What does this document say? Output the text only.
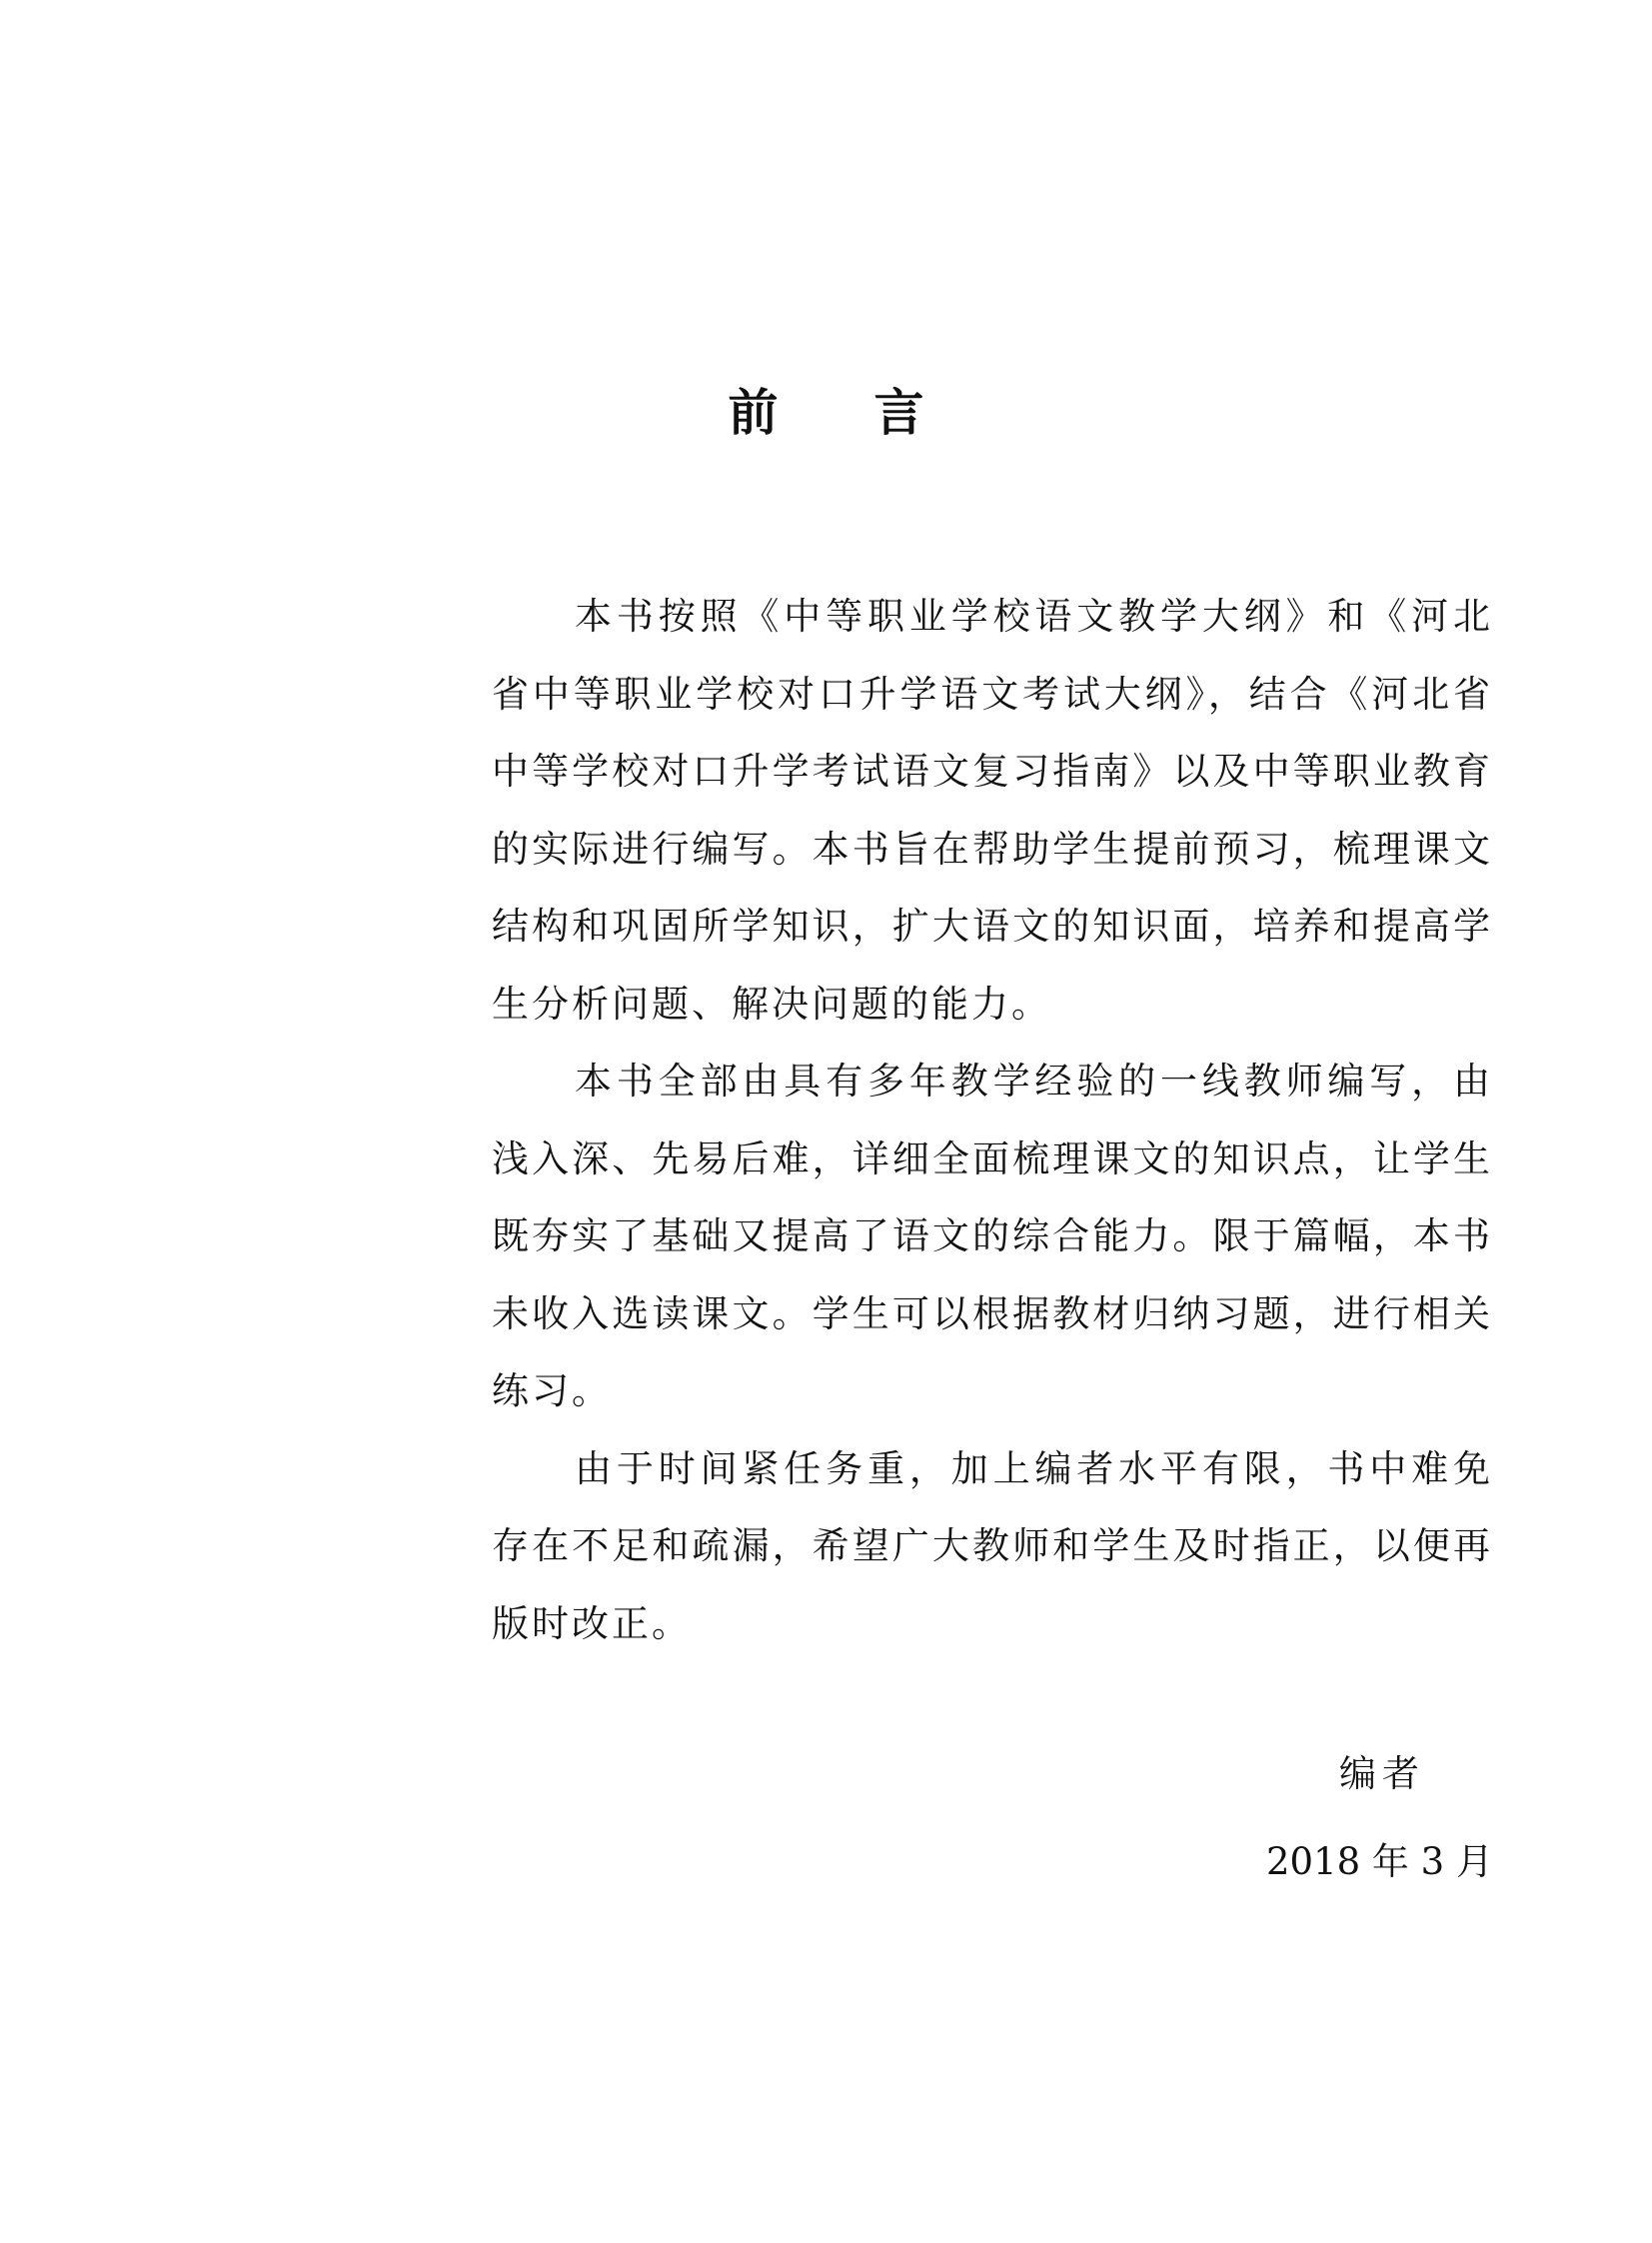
前言

本书按照《中等职业学校语文教学大纲》和《河北省中等职业学校对口升学语文考试大纲》，结合《河北省中等学校对口升学考试语文复习指南》以及中等职业教育的实际进行编写。本书旨在帮助学生提前预习，梳理课文结构和巩固所学知识，扩大语文的知识面，培养和提高学生分析问题、解决问题的能力。

本书全部由具有多年教学经验的一线教师编写，由浅入深、先易后难，详细全面梳理课文的知识点，让学生既夯实了基础又提高了语文的综合能力。限于篇幅，本书未收入选读课文。学生可以根据教材归纳习题，进行相关练习。

由于时间紧任务重，加上编者水平有限，书中难免存在不足和疏漏，希望广大教师和学生及时指正，以便再版时改正。

编者
2018 年 3 月
